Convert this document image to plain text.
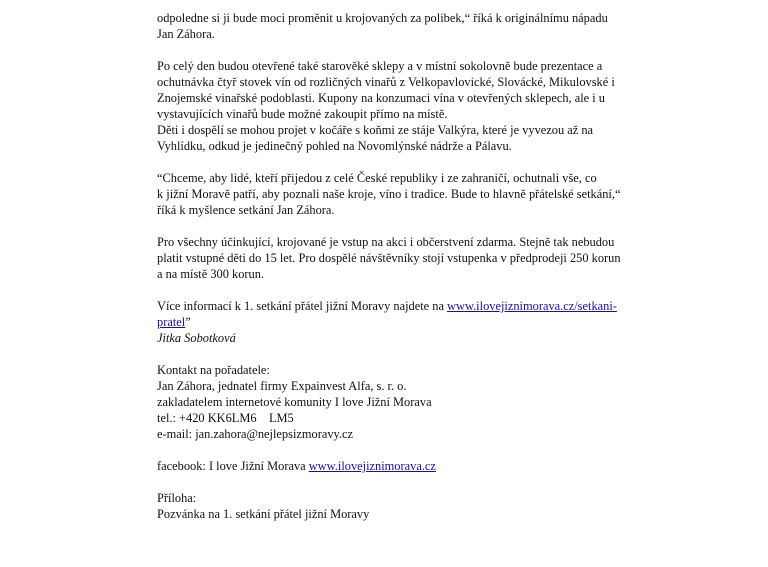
odpoledne si ji bude moci proměnit u krojovaných za polibek,“ říká k originálnímu nápadu
Jan Záhora.
Po celý den budou otevřené také starověké sklepy a v místní sokolovně bude prezentace a
ochutnávka čtyř stovek vín od rozličných vinařů z Velkopavlovické, Slovácké, Mikulovské i
Znojemské vinařské podoblasti. Kupony na konzumaci vína v otevřených sklepech, ale i u
vystavujících vinařů bude možné zakoupit přímo na místě.
Děti i dospělí se mohou projet v kočáře s koňmi ze stáje Valkýra, které je vyvezou až na
Vyhlídku, odkud je jedinečný pohled na Novomlýnské nádrže a Pálavu.
“Chceme, aby lidé, kteří přijedou z celé České republiky i ze zahraničí, ochutnali vše, co
k jižní Moravě patří, aby poznali naše kroje, víno i tradice. Bude to hlavně přátelské setkání,“
říká k myšlence setkání Jan Záhora.
Pro všechny účinkující, krojované je vstup na akci i občerstvení zdarma. Stejně tak nebudou
platit vstupné děti do 15 let. Pro dospělé návštěvníky stojí vstupenka v předprodeji 250 korun
a na místě 300 korun.
Více informací k 1. setkání přátel jižní Moravy najdete na www.ilovejiznimorava.cz/setkani-
pratel”
Jitka Sobotková
Kontakt na pořadatele:
Jan Záhora, jednatel firmy Expainvest Alfa, s. r. o.
zakladatelem internetové komunity I love Jižní Morava
tel.: +420 KK6LM6    LM5
e-mail: jan.zahora@nejlepsizmoravy.cz
facebook: I love Jižní Morava www.ilovejiznimorava.cz
Příloha:
Pozvánka na 1. setkání přátel jižní Moravy
